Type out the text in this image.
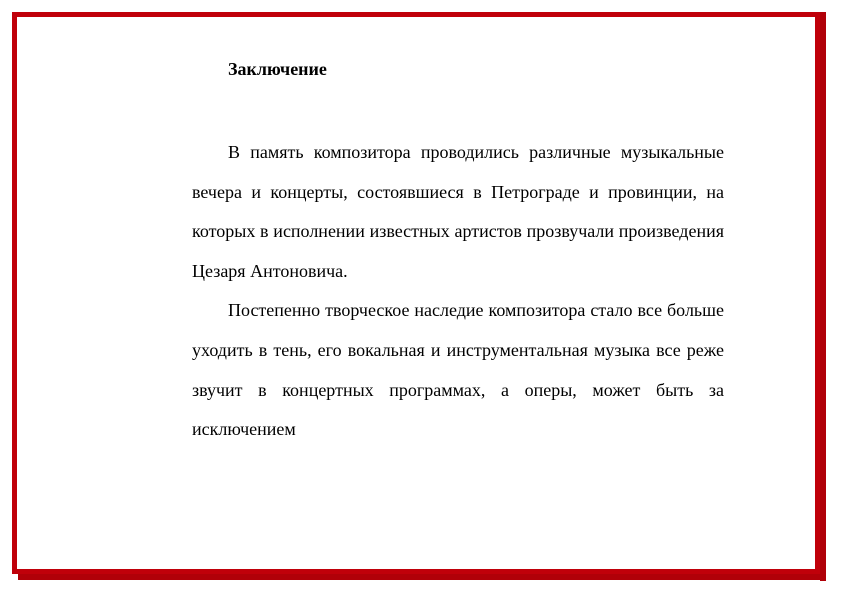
Заключение

В память композитора проводились различные музыкальные вечера и концерты, состоявшиеся в Петрограде и провинции, на которых в исполнении известных артистов прозвучали произведения Цезаря Антоновича.

Постепенно творческое наследие композитора стало все больше уходить в тень, его вокальная и инструментальная музыка все реже звучит в концертных программах, а оперы, может быть за исключением
